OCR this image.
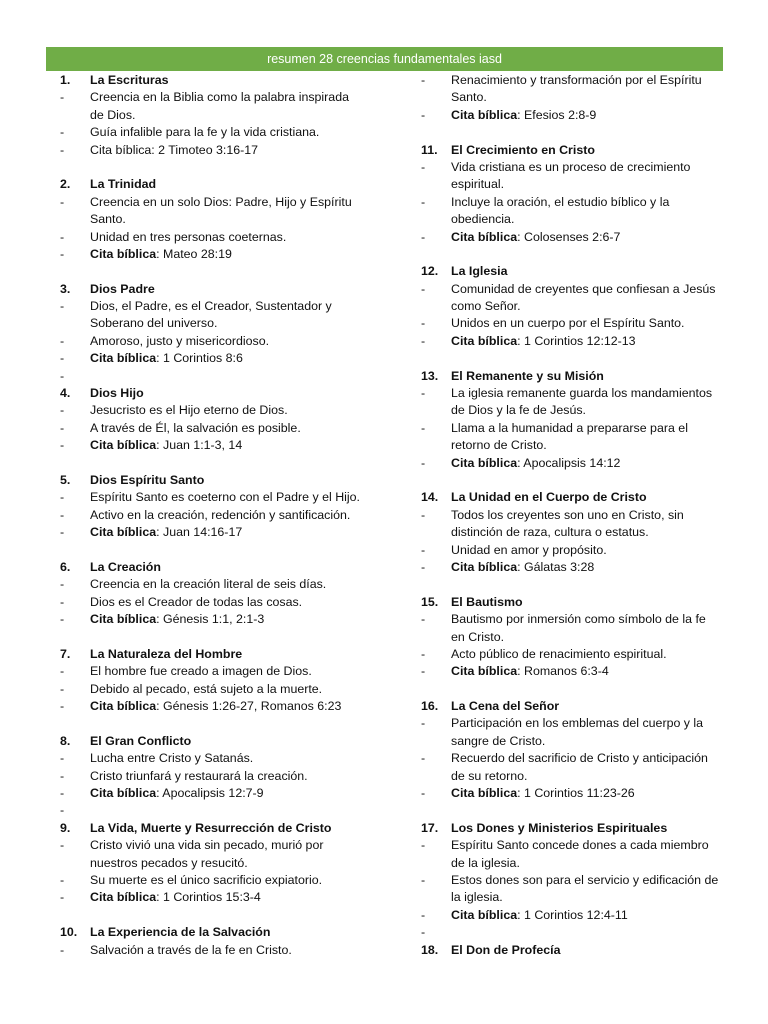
resumen 28 creencias fundamentales iasd
1. La Escrituras
- Creencia en la Biblia como la palabra inspirada
de Dios.
- Guía infalible para la fe y la vida cristiana.
- Cita bíblica: 2 Timoteo 3:16-17
2. La Trinidad
- Creencia en un solo Dios: Padre, Hijo y Espíritu
Santo.
- Unidad en tres personas coeternas.
- Cita bíblica: Mateo 28:19
3. Dios Padre
- Dios, el Padre, es el Creador, Sustentador y
Soberano del universo.
- Amoroso, justo y misericordioso.
- Cita bíblica: 1 Corintios 8:6
-
4. Dios Hijo
- Jesucristo es el Hijo eterno de Dios.
- A través de Él, la salvación es posible.
- Cita bíblica: Juan 1:1-3, 14
5. Dios Espíritu Santo
- Espíritu Santo es coeterno con el Padre y el Hijo.
- Activo en la creación, redención y santificación.
- Cita bíblica: Juan 14:16-17
6. La Creación
- Creencia en la creación literal de seis días.
- Dios es el Creador de todas las cosas.
- Cita bíblica: Génesis 1:1, 2:1-3
7. La Naturaleza del Hombre
- El hombre fue creado a imagen de Dios.
- Debido al pecado, está sujeto a la muerte.
- Cita bíblica: Génesis 1:26-27, Romanos 6:23
8. El Gran Conflicto
- Lucha entre Cristo y Satanás.
- Cristo triunfará y restaurará la creación.
- Cita bíblica: Apocalipsis 12:7-9
-
9. La Vida, Muerte y Resurrección de Cristo
- Cristo vivió una vida sin pecado, murió por
nuestros pecados y resucitó.
- Su muerte es el único sacrificio expiatorio.
- Cita bíblica: 1 Corintios 15:3-4
10. La Experiencia de la Salvación
- Salvación a través de la fe en Cristo.
- Renacimiento y transformación por el Espíritu
Santo.
- Cita bíblica: Efesios 2:8-9
11. El Crecimiento en Cristo
- Vida cristiana es un proceso de crecimiento
espiritual.
- Incluye la oración, el estudio bíblico y la
obediencia.
- Cita bíblica: Colosenses 2:6-7
12. La Iglesia
- Comunidad de creyentes que confiesan a Jesús
como Señor.
- Unidos en un cuerpo por el Espíritu Santo.
- Cita bíblica: 1 Corintios 12:12-13
13. El Remanente y su Misión
- La iglesia remanente guarda los mandamientos
de Dios y la fe de Jesús.
- Llama a la humanidad a prepararse para el
retorno de Cristo.
- Cita bíblica: Apocalipsis 14:12
14. La Unidad en el Cuerpo de Cristo
- Todos los creyentes son uno en Cristo, sin
distinción de raza, cultura o estatus.
- Unidad en amor y propósito.
- Cita bíblica: Gálatas 3:28
15. El Bautismo
- Bautismo por inmersión como símbolo de la fe
en Cristo.
- Acto público de renacimiento espiritual.
- Cita bíblica: Romanos 6:3-4
16. La Cena del Señor
- Participación en los emblemas del cuerpo y la
sangre de Cristo.
- Recuerdo del sacrificio de Cristo y anticipación
de su retorno.
- Cita bíblica: 1 Corintios 11:23-26
17. Los Dones y Ministerios Espirituales
- Espíritu Santo concede dones a cada miembro
de la iglesia.
- Estos dones son para el servicio y edificación de
la iglesia.
- Cita bíblica: 1 Corintios 12:4-11
-
18. El Don de Profecía
